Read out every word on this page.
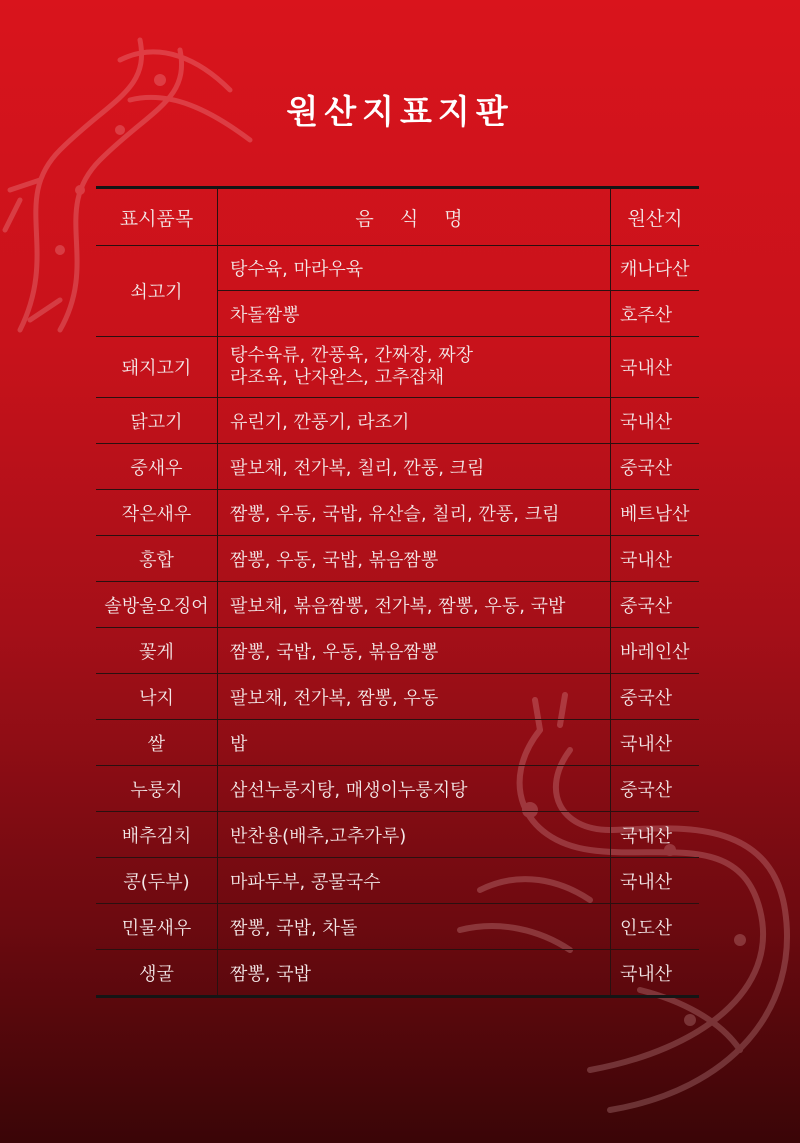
원산지표지판
표시품목	음 식 명	원산지
쇠고기
탕수육, 마라우육	캐나다산
차돌짬뽕	호주산
돼지고기
탕수육류, 깐풍육, 간짜장, 짜장
라조육, 난자완스, 고추잡채	국내산
닭고기	유린기, 깐풍기, 라조기	국내산
중새우	팔보채, 전가복, 칠리, 깐풍, 크림	중국산
작은새우	짬뽕, 우동, 국밥, 유산슬, 칠리, 깐풍, 크림	베트남산
홍합	짬뽕, 우동, 국밥, 볶음짬뽕	국내산
솔방울오징어	팔보채, 볶음짬뽕, 전가복, 짬뽕, 우동, 국밥	중국산
꽃게	짬뽕, 국밥, 우동, 볶음짬뽕	바레인산
낙지	팔보채, 전가복, 짬뽕, 우동	중국산
쌀	밥	국내산
누룽지	삼선누룽지탕, 매생이누룽지탕	중국산
배추김치	반찬용(배추,고추가루)	국내산
콩(두부)	마파두부, 콩물국수	국내산
민물새우	짬뽕, 국밥, 차돌	인도산
생굴	짬뽕, 국밥	국내산
